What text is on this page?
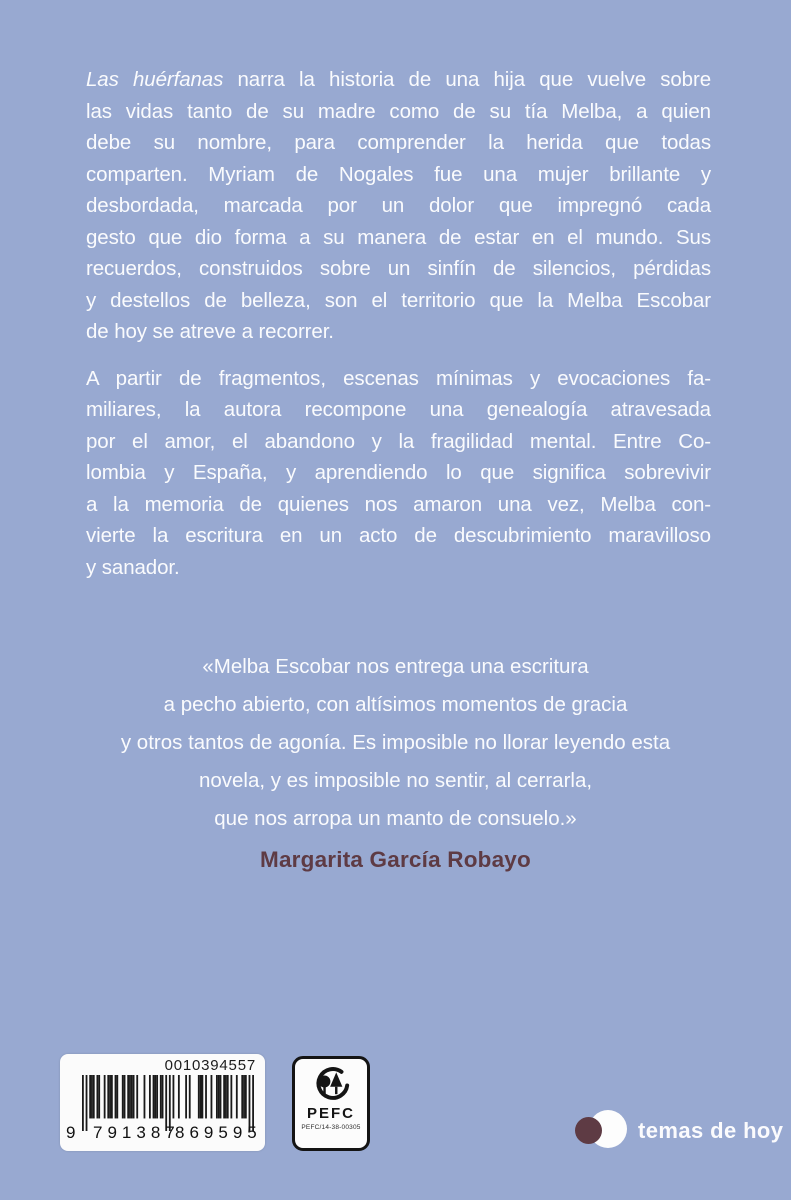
Las huérfanas narra la historia de una hija que vuelve sobre
las vidas tanto de su madre como de su tía Melba, a quien
debe su nombre, para comprender la herida que todas
comparten. Myriam de Nogales fue una mujer brillante y
desbordada, marcada por un dolor que impregnó cada
gesto que dio forma a su manera de estar en el mundo. Sus
recuerdos, construidos sobre un sinfín de silencios, pérdidas
y destellos de belleza, son el territorio que la Melba Escobar
de hoy se atreve a recorrer.
A partir de fragmentos, escenas mínimas y evocaciones fa-
miliares, la autora recompone una genealogía atravesada
por el amor, el abandono y la fragilidad mental. Entre Co-
lombia y España, y aprendiendo lo que significa sobrevivir
a la memoria de quienes nos amaron una vez, Melba con-
vierte la escritura en un acto de descubrimiento maravilloso
y sanador.
«Melba Escobar nos entrega una escritura
a pecho abierto, con altísimos momentos de gracia
y otros tantos de agonía. Es imposible no llorar leyendo esta
novela, y es imposible no sentir, al cerrarla,
que nos arropa un manto de consuelo.»
Margarita García Robayo
0010394557
9 791387
869595
PEFC
PEFC/14-38-00305	temas de hoy
